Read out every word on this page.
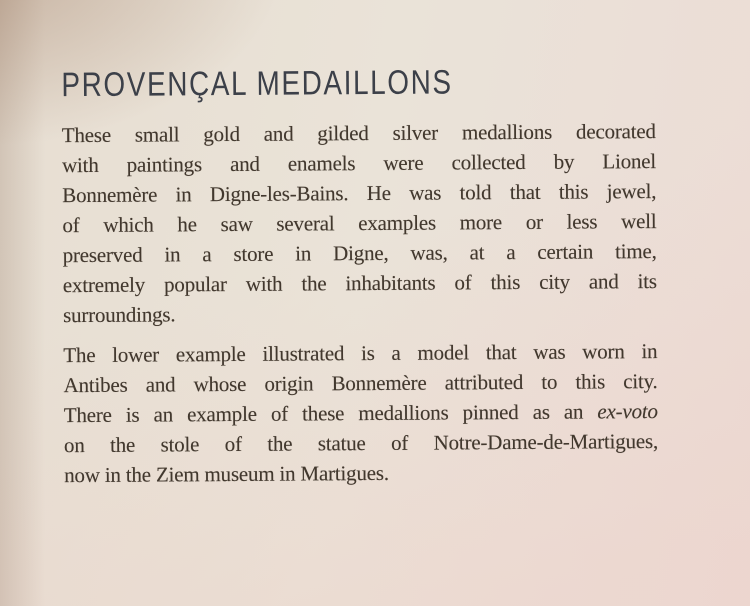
PROVENÇAL MEDAILLONS
These small gold and gilded silver medallions decorated
with paintings and enamels were collected by Lionel
Bonnemère in Digne-les-Bains. He was told that this jewel,
of which he saw several examples more or less well
preserved in a store in Digne, was, at a certain time,
extremely popular with the inhabitants of this city and its
surroundings.
The lower example illustrated is a model that was worn in
Antibes and whose origin Bonnemère attributed to this city.
There is an example of these medallions pinned as an ex-voto
on the stole of the statue of Notre-Dame-de-Martigues,
now in the Ziem museum in Martigues.
